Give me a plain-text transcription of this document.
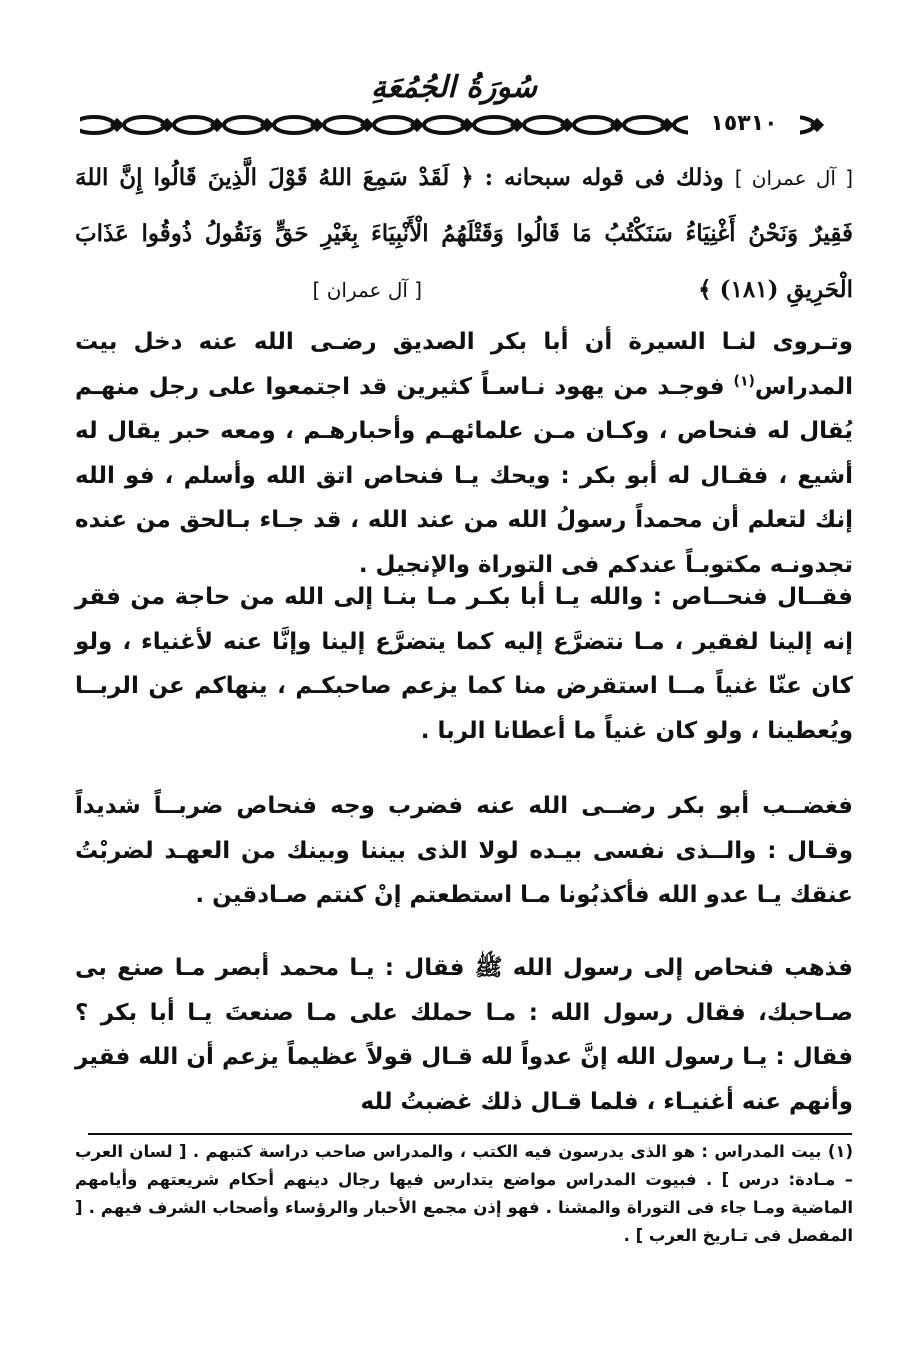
سُورَةُ الجُمُعَةِ
١٥٣١٠
[ آل عمران ] وذلك فى قوله سبحانه : ﴿ لَقَدْ سَمِعَ اللهُ قَوْلَ الَّذِينَ قَالُوا إِنَّ اللهَ فَقِيرٌ وَنَحْنُ أَغْنِيَاءُ سَنَكْتُبُ مَا قَالُوا وَقَتْلَهُمُ الْأَنْبِيَاءَ بِغَيْرِ حَقٍّ وَنَقُولُ ذُوقُوا عَذَابَ الْحَرِيقِ (١٨١) ﴾  [ آل عمران ]
وتـروى لنـا السيرة أن أبا بكر الصديق رضـى الله عنه دخل بيت المدراس$^{(١)}$ فوجـد من يهود نـاسـاً كثيرين قد اجتمعوا على رجل منهـم يُقال له فنحاص ، وكـان مـن علمائهـم وأحبارهـم ، ومعه حبر يقال له أشيع ، فقـال له أبو بكر : ويحك يـا فنحاص اتق الله وأسلم ، فو الله إنك لتعلم أن محمداً رسولُ الله من عند الله ، قد جـاء بـالحق من عنده تجدونـه مكتوبـاً عندكم فى التوراة والإنجيل .
فقــال فنحــاص : والله يـا أبا بكـر مـا بنـا إلى الله من حاجة من فقر إنه إلينا لفقير ، مـا نتضرَّع إليه كما يتضرَّع إلينا وإنَّا عنه لأغنياء ، ولو كان عنّا غنياً مــا استقرض منا كما يزعم صاحبكـم ، ينهاكم عن الربــا ويُعطينا ، ولو كان غنياً ما أعطانا الربا .
فغضــب أبو بكر رضــى الله عنه فضرب وجه فنحاص ضربــاً شديداً وقـال : والــذى نفسى بيـده لولا الذى بيننا وبينك من العهـد لضربْتُ عنقك يـا عدو الله فأكذبُونا مـا استطعتم إنْ كنتم صـادقين .
فذهب فنحاص إلى رسول الله ﷺ فقال : يـا محمد أبصر مـا صنع بى صـاحبك، فقال رسول الله : مـا حملك على مـا صنعتَ يـا أبا بكر ؟ فقال : يـا رسول الله إنَّ عدواً لله قـال قولاً عظيماً يزعم أن الله فقير وأنهم عنه أغنيـاء ، فلما قـال ذلك غضبتُ لله
(١) بيت المدراس : هو الذى يدرسون فيه الكتب ، والمدراس صاحب دراسة كتبهم . [ لسان العرب – مـادة: درس ] . فبيوت المدراس مواضع يتدارس فيها رجال دينهم أحكام شريعتهم وأيامهم الماضية ومـا جاء فى التوراة والمشنا . فهو إذن مجمع الأحبار والرؤساء وأصحاب الشرف فيهم . [ المفصل فى تـاريخ العرب ] .
